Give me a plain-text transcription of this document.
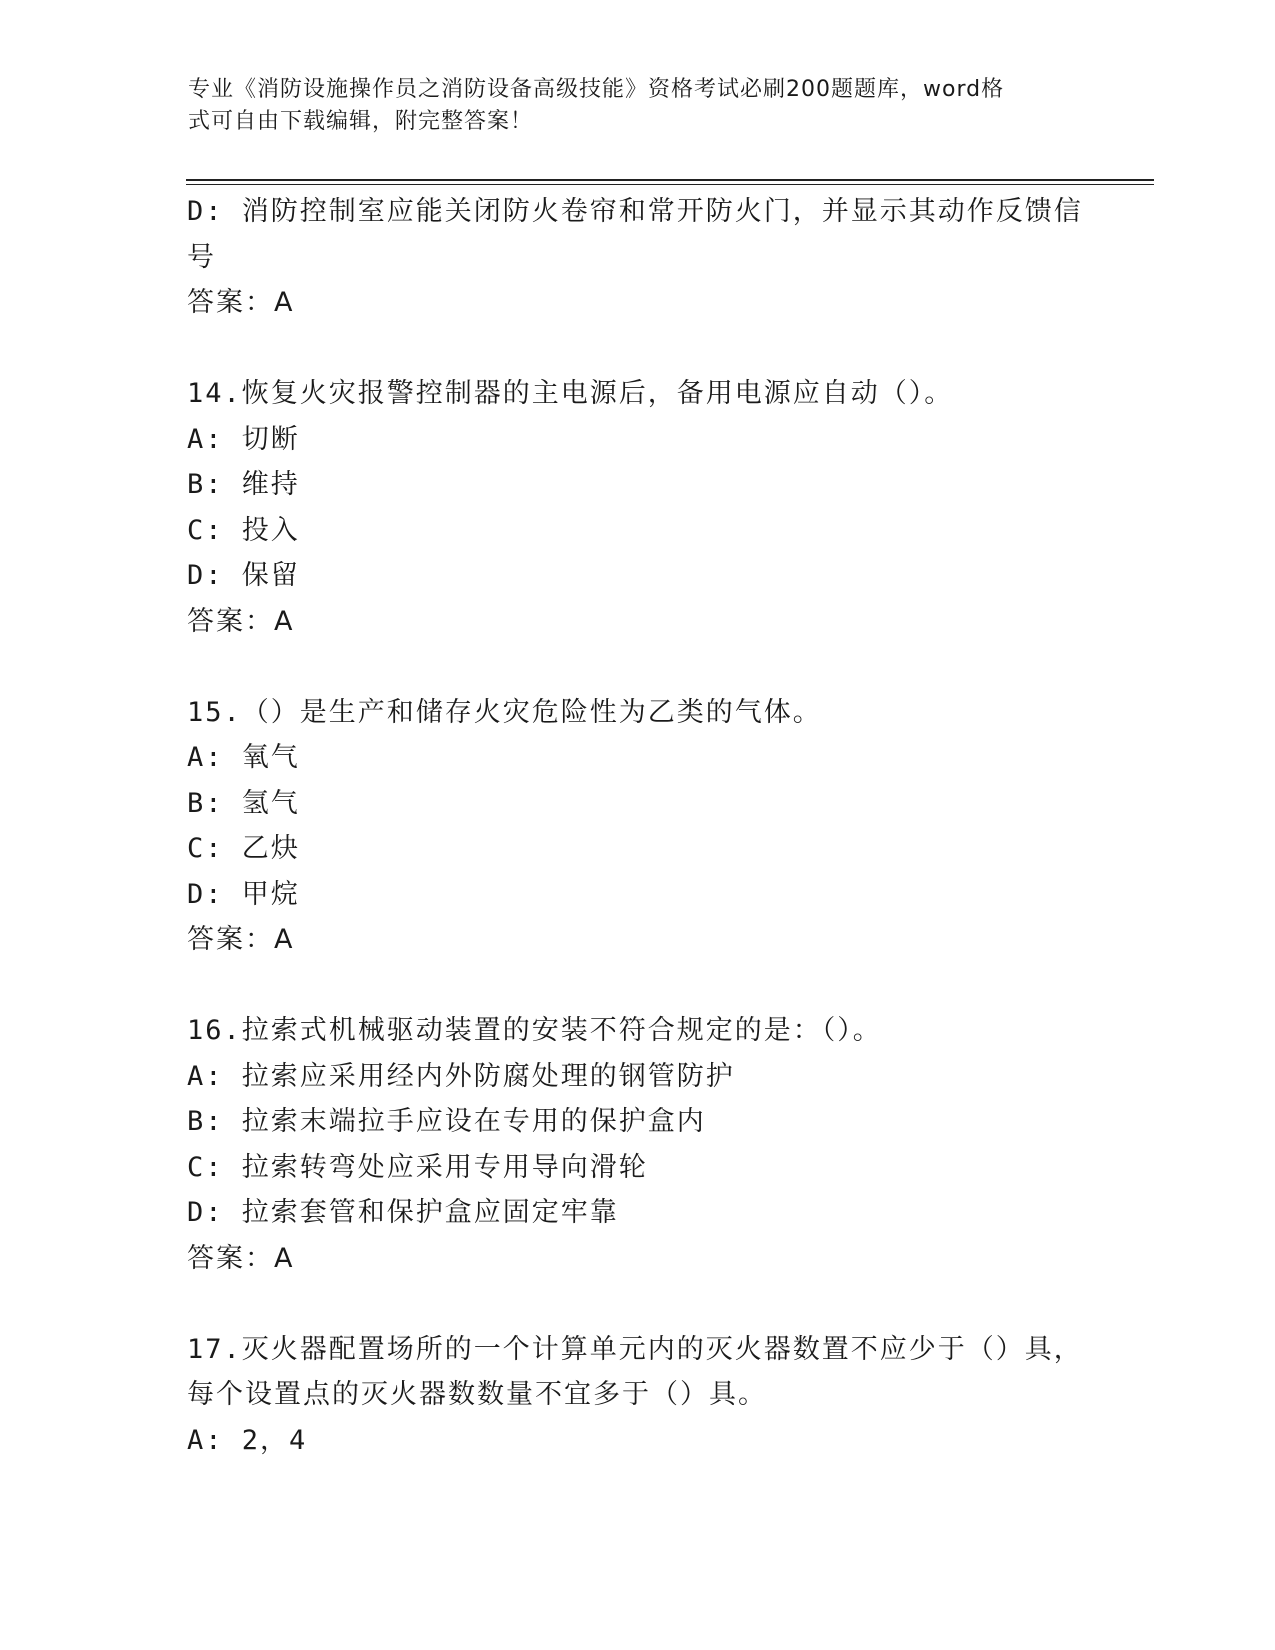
专业《消防设施操作员之消防设备高级技能》资格考试必刷200题题库，word格
式可自由下载编辑，附完整答案！
D: 消防控制室应能关闭防火卷帘和常开防火门，并显示其动作反馈信
号
答案：A
14.恢复火灾报警控制器的主电源后，备用电源应自动（）。
A: 切断
B: 维持
C: 投入
D: 保留
答案：A
15.（）是生产和储存火灾危险性为乙类的气体。
A: 氧气
B: 氢气
C: 乙炔
D: 甲烷
答案：A
16.拉索式机械驱动装置的安装不符合规定的是：（）。
A: 拉索应采用经内外防腐处理的钢管防护
B: 拉索末端拉手应设在专用的保护盒内
C: 拉索转弯处应采用专用导向滑轮
D: 拉索套管和保护盒应固定牢靠
答案：A
17.灭火器配置场所的一个计算单元内的灭火器数置不应少于（）具，
每个设置点的灭火器数数量不宜多于（）具。
A: 2，4
